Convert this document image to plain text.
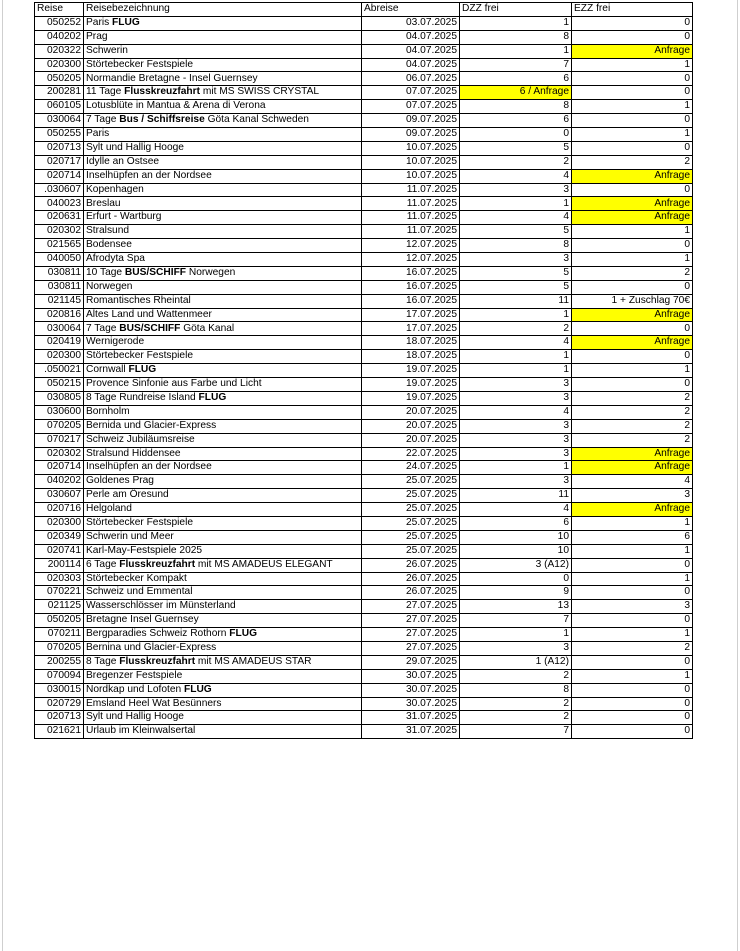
Reise	Reisebezeichnung	Abreise	DZZ frei	EZZ frei
050252	Paris FLUG	03.07.2025	1	0
040202	Prag	04.07.2025	8	0
020322	Schwerin	04.07.2025	1	Anfrage
020300	Störtebecker Festspiele	04.07.2025	7	1
050205	Normandie Bretagne - Insel Guernsey	06.07.2025	6	0
200281	11 Tage Flusskreuzfahrt mit MS SWISS CRYSTAL	07.07.2025	6 / Anfrage	0
060105	Lotusblüte in Mantua & Arena di Verona	07.07.2025	8	1
030064	7 Tage Bus / Schiffsreise Göta Kanal Schweden	09.07.2025	6	0
050255	Paris	09.07.2025	0	1
020713	Sylt und Hallig Hooge	10.07.2025	5	0
020717	Idylle an Ostsee	10.07.2025	2	2
020714	Inselhüpfen an der Nordsee	10.07.2025	4	Anfrage
.030607	Kopenhagen	11.07.2025	3	0
040023	Breslau	11.07.2025	1	Anfrage
020631	Erfurt - Wartburg	11.07.2025	4	Anfrage
020302	Stralsund	11.07.2025	5	1
021565	Bodensee	12.07.2025	8	0
040050	Afrodyta Spa	12.07.2025	3	1
030811	10 Tage BUS/SCHIFF Norwegen	16.07.2025	5	2
030811	Norwegen	16.07.2025	5	0
021145	Romantisches Rheintal	16.07.2025	11	1 + Zuschlag 70€
020816	Altes Land und Wattenmeer	17.07.2025	1	Anfrage
030064	7 Tage BUS/SCHIFF Göta Kanal	17.07.2025	2	0
020419	Wernigerode	18.07.2025	4	Anfrage
020300	Störtebecker Festspiele	18.07.2025	1	0
.050021	Cornwall FLUG	19.07.2025	1	1
050215	Provence Sinfonie aus Farbe und Licht	19.07.2025	3	0
030805	8 Tage Rundreise Island FLUG	19.07.2025	3	2
030600	Bornholm	20.07.2025	4	2
070205	Bernida und Glacier-Express	20.07.2025	3	2
070217	Schweiz Jubiläumsreise	20.07.2025	3	2
020302	Stralsund Hiddensee	22.07.2025	3	Anfrage
020714	Inselhüpfen an der Nordsee	24.07.2025	1	Anfrage
040202	Goldenes Prag	25.07.2025	3	4
030607	Perle am Öresund	25.07.2025	11	3
020716	Helgoland	25.07.2025	4	Anfrage
020300	Störtebecker Festspiele	25.07.2025	6	1
020349	Schwerin und Meer	25.07.2025	10	6
020741	Karl-May-Festspiele 2025	25.07.2025	10	1
200114	6 Tage Flusskreuzfahrt mit MS AMADEUS ELEGANT	26.07.2025	3 (A12)	0
020303	Störtebecker Kompakt	26.07.2025	0	1
070221	Schweiz und Emmental	26.07.2025	9	0
021125	Wasserschlösser im Münsterland	27.07.2025	13	3
050205	Bretagne Insel Guernsey	27.07.2025	7	0
070211	Bergparadies Schweiz Rothorn FLUG	27.07.2025	1	1
070205	Bernina und Glacier-Express	27.07.2025	3	2
200255	8 Tage Flusskreuzfahrt mit MS AMADEUS STAR	29.07.2025	1 (A12)	0
070094	Bregenzer Festspiele	30.07.2025	2	1
030015	Nordkap und Lofoten FLUG	30.07.2025	8	0
020729	Emsland Heel Wat Besünners	30.07.2025	2	0
020713	Sylt und Hallig Hooge	31.07.2025	2	0
021621	Urlaub im Kleinwalsertal	31.07.2025	7	0
